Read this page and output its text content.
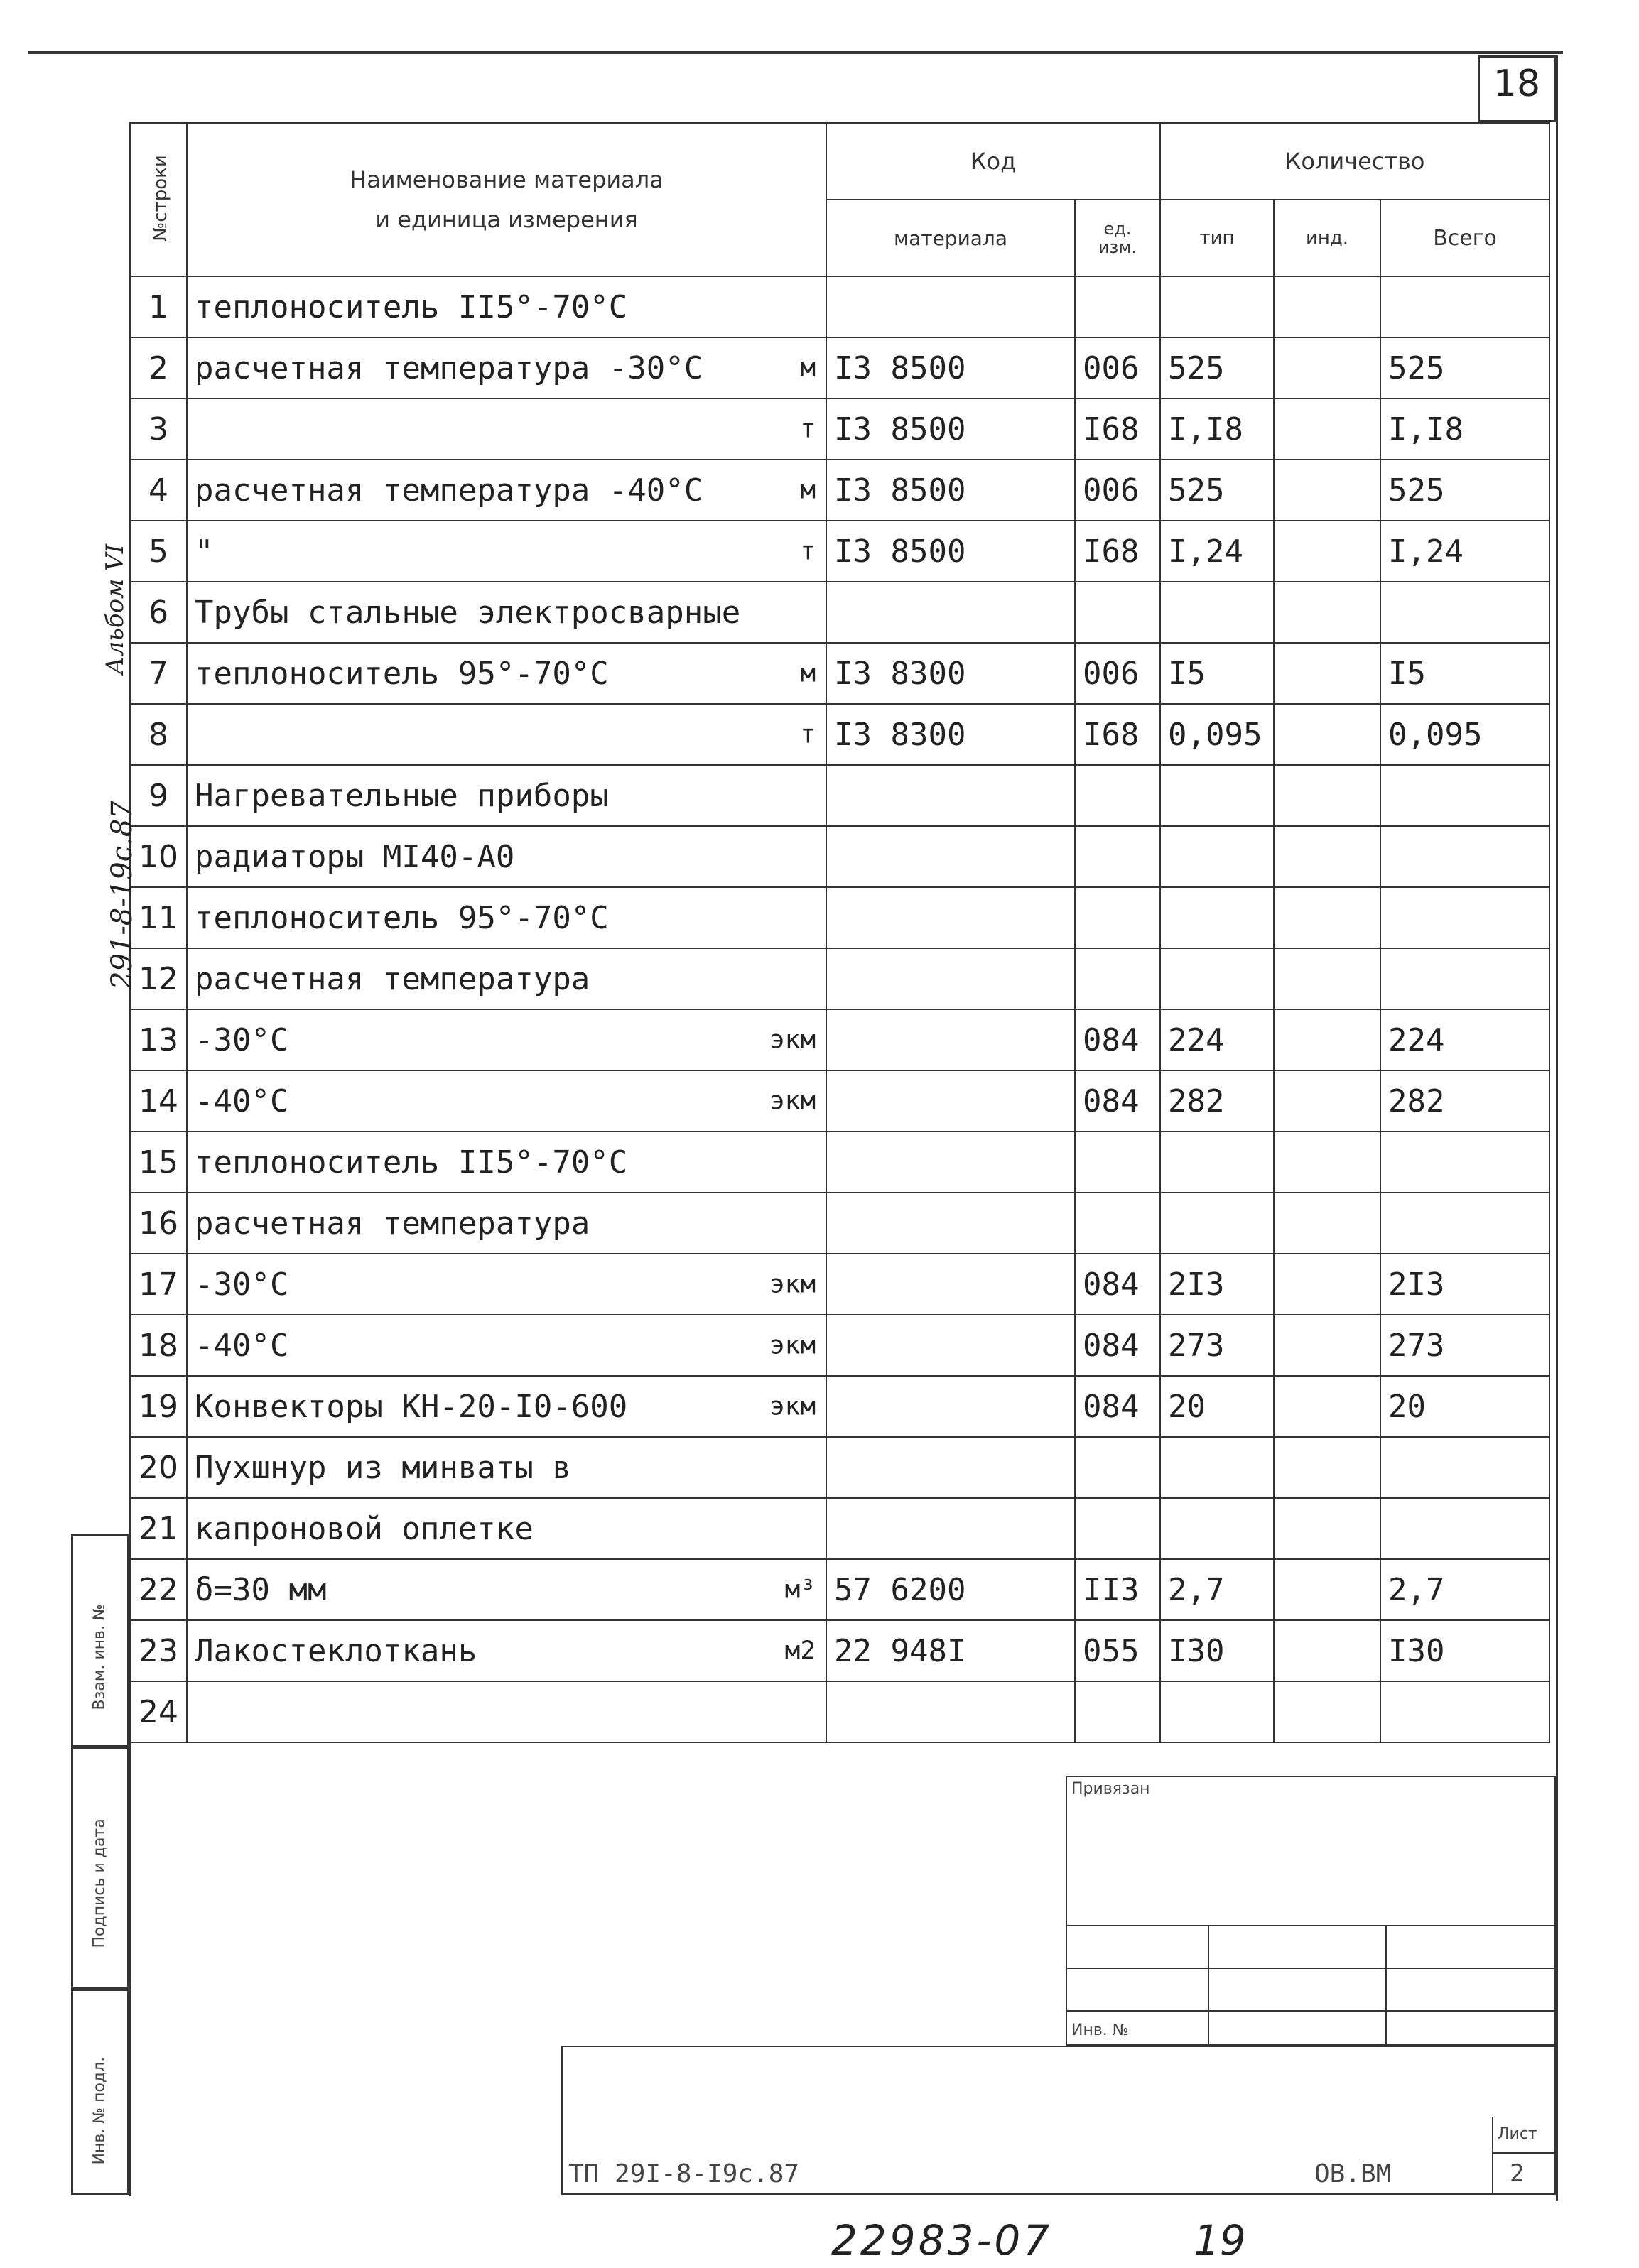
18
№строки	Наименование материала
и единица измерения	Код		Количество		
		материала	ед. изм.	тип	инд.	Всего
1	теплоноситель II5°-70°С

2	расчетная температура -30°С м	I3 8500	006	525		525
3	т	I3 8500	I68	I,I8		I,I8
4	расчетная температура -40°С м	I3 8500	006	525		525
5	" т	I3 8500	I68	I,24		I,24
6	Трубы стальные электросварные

7	теплоноситель 95°-70°С м	I3 8300	006	I5		I5
8	т	I3 8300	I68	0,095		0,095
9	Нагревательные приборы

10	радиаторы МI40-А0

11	теплоноситель 95°-70°С

12	расчетная температура

13	-30°С экм		084	224		224
14	-40°С экм		084	282		282
15	теплоноситель II5°-70°С

16	расчетная температура

17	-30°С экм		084	2I3		2I3
18	-40°С экм		084	273		273
19	Конвекторы КН-20-I0-600 экм		084	20		20
20	Пухшнур из минваты в

21	капроновой оплетке

22	δ=30 мм м³	57 6200	II3	2,7		2,7
23	Лакостеклоткань м2	22 948I	055	I30		I30
24	

Альбом VI
291-8-19с.87
Взам. инв. №
Подпись и дата
Инв. № подл.
Привязан
Инв. №
ТП 29I-8-I9с.87	ОВ.ВМ
Лист
2
22983-07	19
